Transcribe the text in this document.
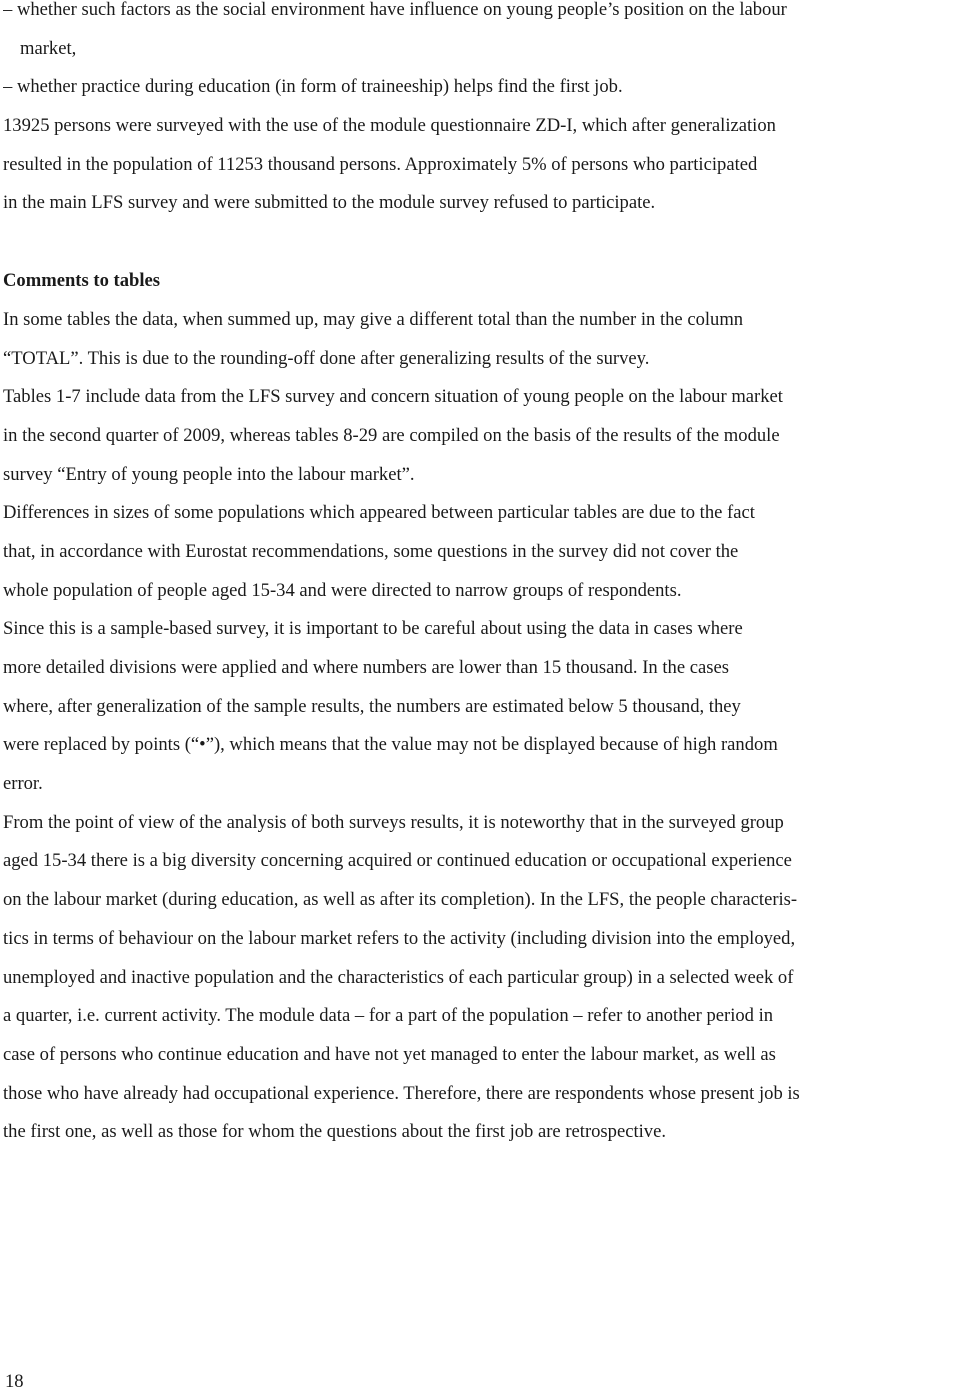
– whether such factors as the social environment have influence on young people’s position on the labour
market,
– whether practice during education (in form of traineeship) helps find the first job.
13925 persons were surveyed with the use of the module questionnaire ZD-I, which after generalization
resulted in the population of 11253 thousand persons. Approximately 5% of persons who participated
in the main LFS survey and were submitted to the module survey refused to participate.
Comments to tables
In some tables the data, when summed up, may give a different total than the number in the column
“TOTAL”. This is due to the rounding-off done after generalizing results of the survey.
Tables 1-7 include data from the LFS survey and concern situation of young people on the labour market
in the second quarter of 2009, whereas tables 8-29 are compiled on the basis of the results of the module
survey “Entry of young people into the labour market”.
Differences in sizes of some populations which appeared between particular tables are due to the fact
that, in accordance with Eurostat recommendations, some questions in the survey did not cover the
whole population of people aged 15-34 and were directed to narrow groups of respondents.
Since this is a sample-based survey, it is important to be careful about using the data in cases where
more detailed divisions were applied and where numbers are lower than 15 thousand. In the cases
where, after generalization of the sample results, the numbers are estimated below 5 thousand, they
were replaced by points (“•”), which means that the value may not be displayed because of high random
error.
From the point of view of the analysis of both surveys results, it is noteworthy that in the surveyed group
aged 15-34 there is a big diversity concerning acquired or continued education or occupational experience
on the labour market (during education, as well as after its completion). In the LFS, the people characteris-
tics in terms of behaviour on the labour market refers to the activity (including division into the employed,
unemployed and inactive population and the characteristics of each particular group) in a selected week of
a quarter, i.e. current activity. The module data – for a part of the population – refer to another period in
case of persons who continue education and have not yet managed to enter the labour market, as well as
those who have already had occupational experience. Therefore, there are respondents whose present job is
the first one, as well as those for whom the questions about the first job are retrospective.
18
